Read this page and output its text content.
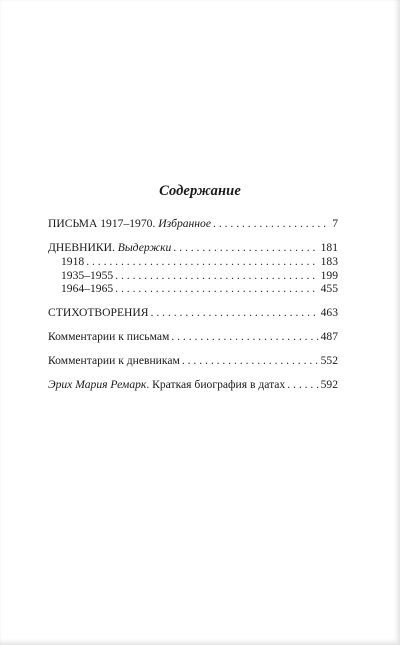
Содержание
ПИСЬМА 1917–1970. Избранное . . .	7
ДНЕВНИКИ. Выдержки . . .	181
1918 . . .	183
1935–1955 . . .	199
1964–1965 . . .	455
СТИХОТВОРЕНИЯ . . .	463
Комментарии к письмам . . .	487
Комментарии к дневникам . . .	552
Эрих Мария Ремарк. Краткая биография в датах . . .	592
